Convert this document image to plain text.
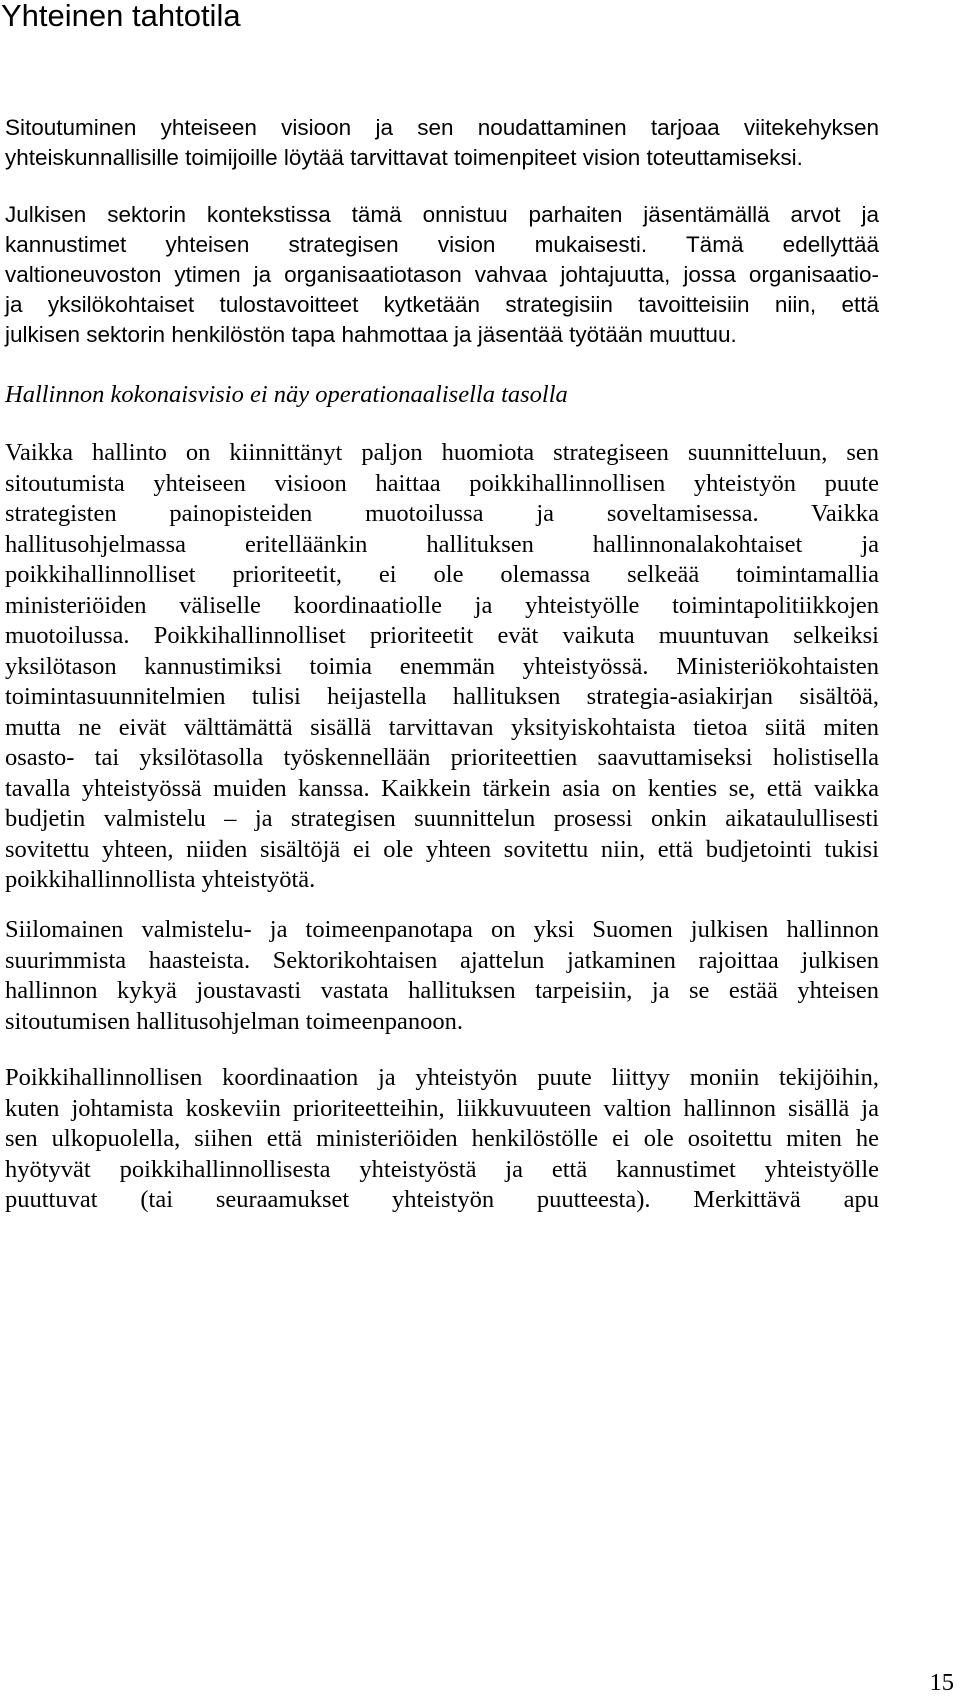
Yhteinen tahtotila

Sitoutuminen yhteiseen visioon ja sen noudattaminen tarjoaa viitekehyksen
yhteiskunnallisille toimijoille löytää tarvittavat toimenpiteet vision toteuttamiseksi.

Julkisen sektorin kontekstissa tämä onnistuu parhaiten jäsentämällä arvot ja
kannustimet yhteisen strategisen vision mukaisesti. Tämä edellyttää
valtioneuvoston ytimen ja organisaatiotason vahvaa johtajuutta, jossa organisaatio-
ja yksilökohtaiset tulostavoitteet kytketään strategisiin tavoitteisiin niin, että
julkisen sektorin henkilöstön tapa hahmottaa ja jäsentää työtään muuttuu.

Hallinnon kokonaisvisio ei näy operationaalisella tasolla

Vaikka hallinto on kiinnittänyt paljon huomiota strategiseen suunnitteluun, sen
sitoutumista yhteiseen visioon haittaa poikkihallinnollisen yhteistyön puute
strategisten painopisteiden muotoilussa ja soveltamisessa. Vaikka
hallitusohjelmassa eritelläänkin hallituksen hallinnonalakohtaiset ja
poikkihallinnolliset prioriteetit, ei ole olemassa selkeää toimintamallia
ministeriöiden väliselle koordinaatiolle ja yhteistyölle toimintapolitiikkojen
muotoilussa. Poikkihallinnolliset prioriteetit evät vaikuta muuntuvan selkeiksi
yksilötason kannustimiksi toimia enemmän yhteistyössä. Ministeriökohtaisten
toimintasuunnitelmien tulisi heijastella hallituksen strategia-asiakirjan sisältöä,
mutta ne eivät välttämättä sisällä tarvittavan yksityiskohtaista tietoa siitä miten
osasto- tai yksilötasolla työskennellään prioriteettien saavuttamiseksi holistisella
tavalla yhteistyössä muiden kanssa. Kaikkein tärkein asia on kenties se, että vaikka
budjetin valmistelu – ja strategisen suunnittelun prosessi onkin aikataulullisesti
sovitettu yhteen, niiden sisältöjä ei ole yhteen sovitettu niin, että budjetointi tukisi
poikkihallinnollista yhteistyötä.

Siilomainen valmistelu- ja toimeenpanotapa on yksi Suomen julkisen hallinnon
suurimmista haasteista. Sektorikohtaisen ajattelun jatkaminen rajoittaa julkisen
hallinnon kykyä joustavasti vastata hallituksen tarpeisiin, ja se estää yhteisen
sitoutumisen hallitusohjelman toimeenpanoon.

Poikkihallinnollisen koordinaation ja yhteistyön puute liittyy moniin tekijöihin,
kuten johtamista koskeviin prioriteetteihin, liikkuvuuteen valtion hallinnon sisällä ja
sen ulkopuolella, siihen että ministeriöiden henkilöstölle ei ole osoitettu miten he
hyötyvät poikkihallinnollisesta yhteistyöstä ja että kannustimet yhteistyölle
puuttuvat (tai seuraamukset yhteistyön puutteesta). Merkittävä apu

15
